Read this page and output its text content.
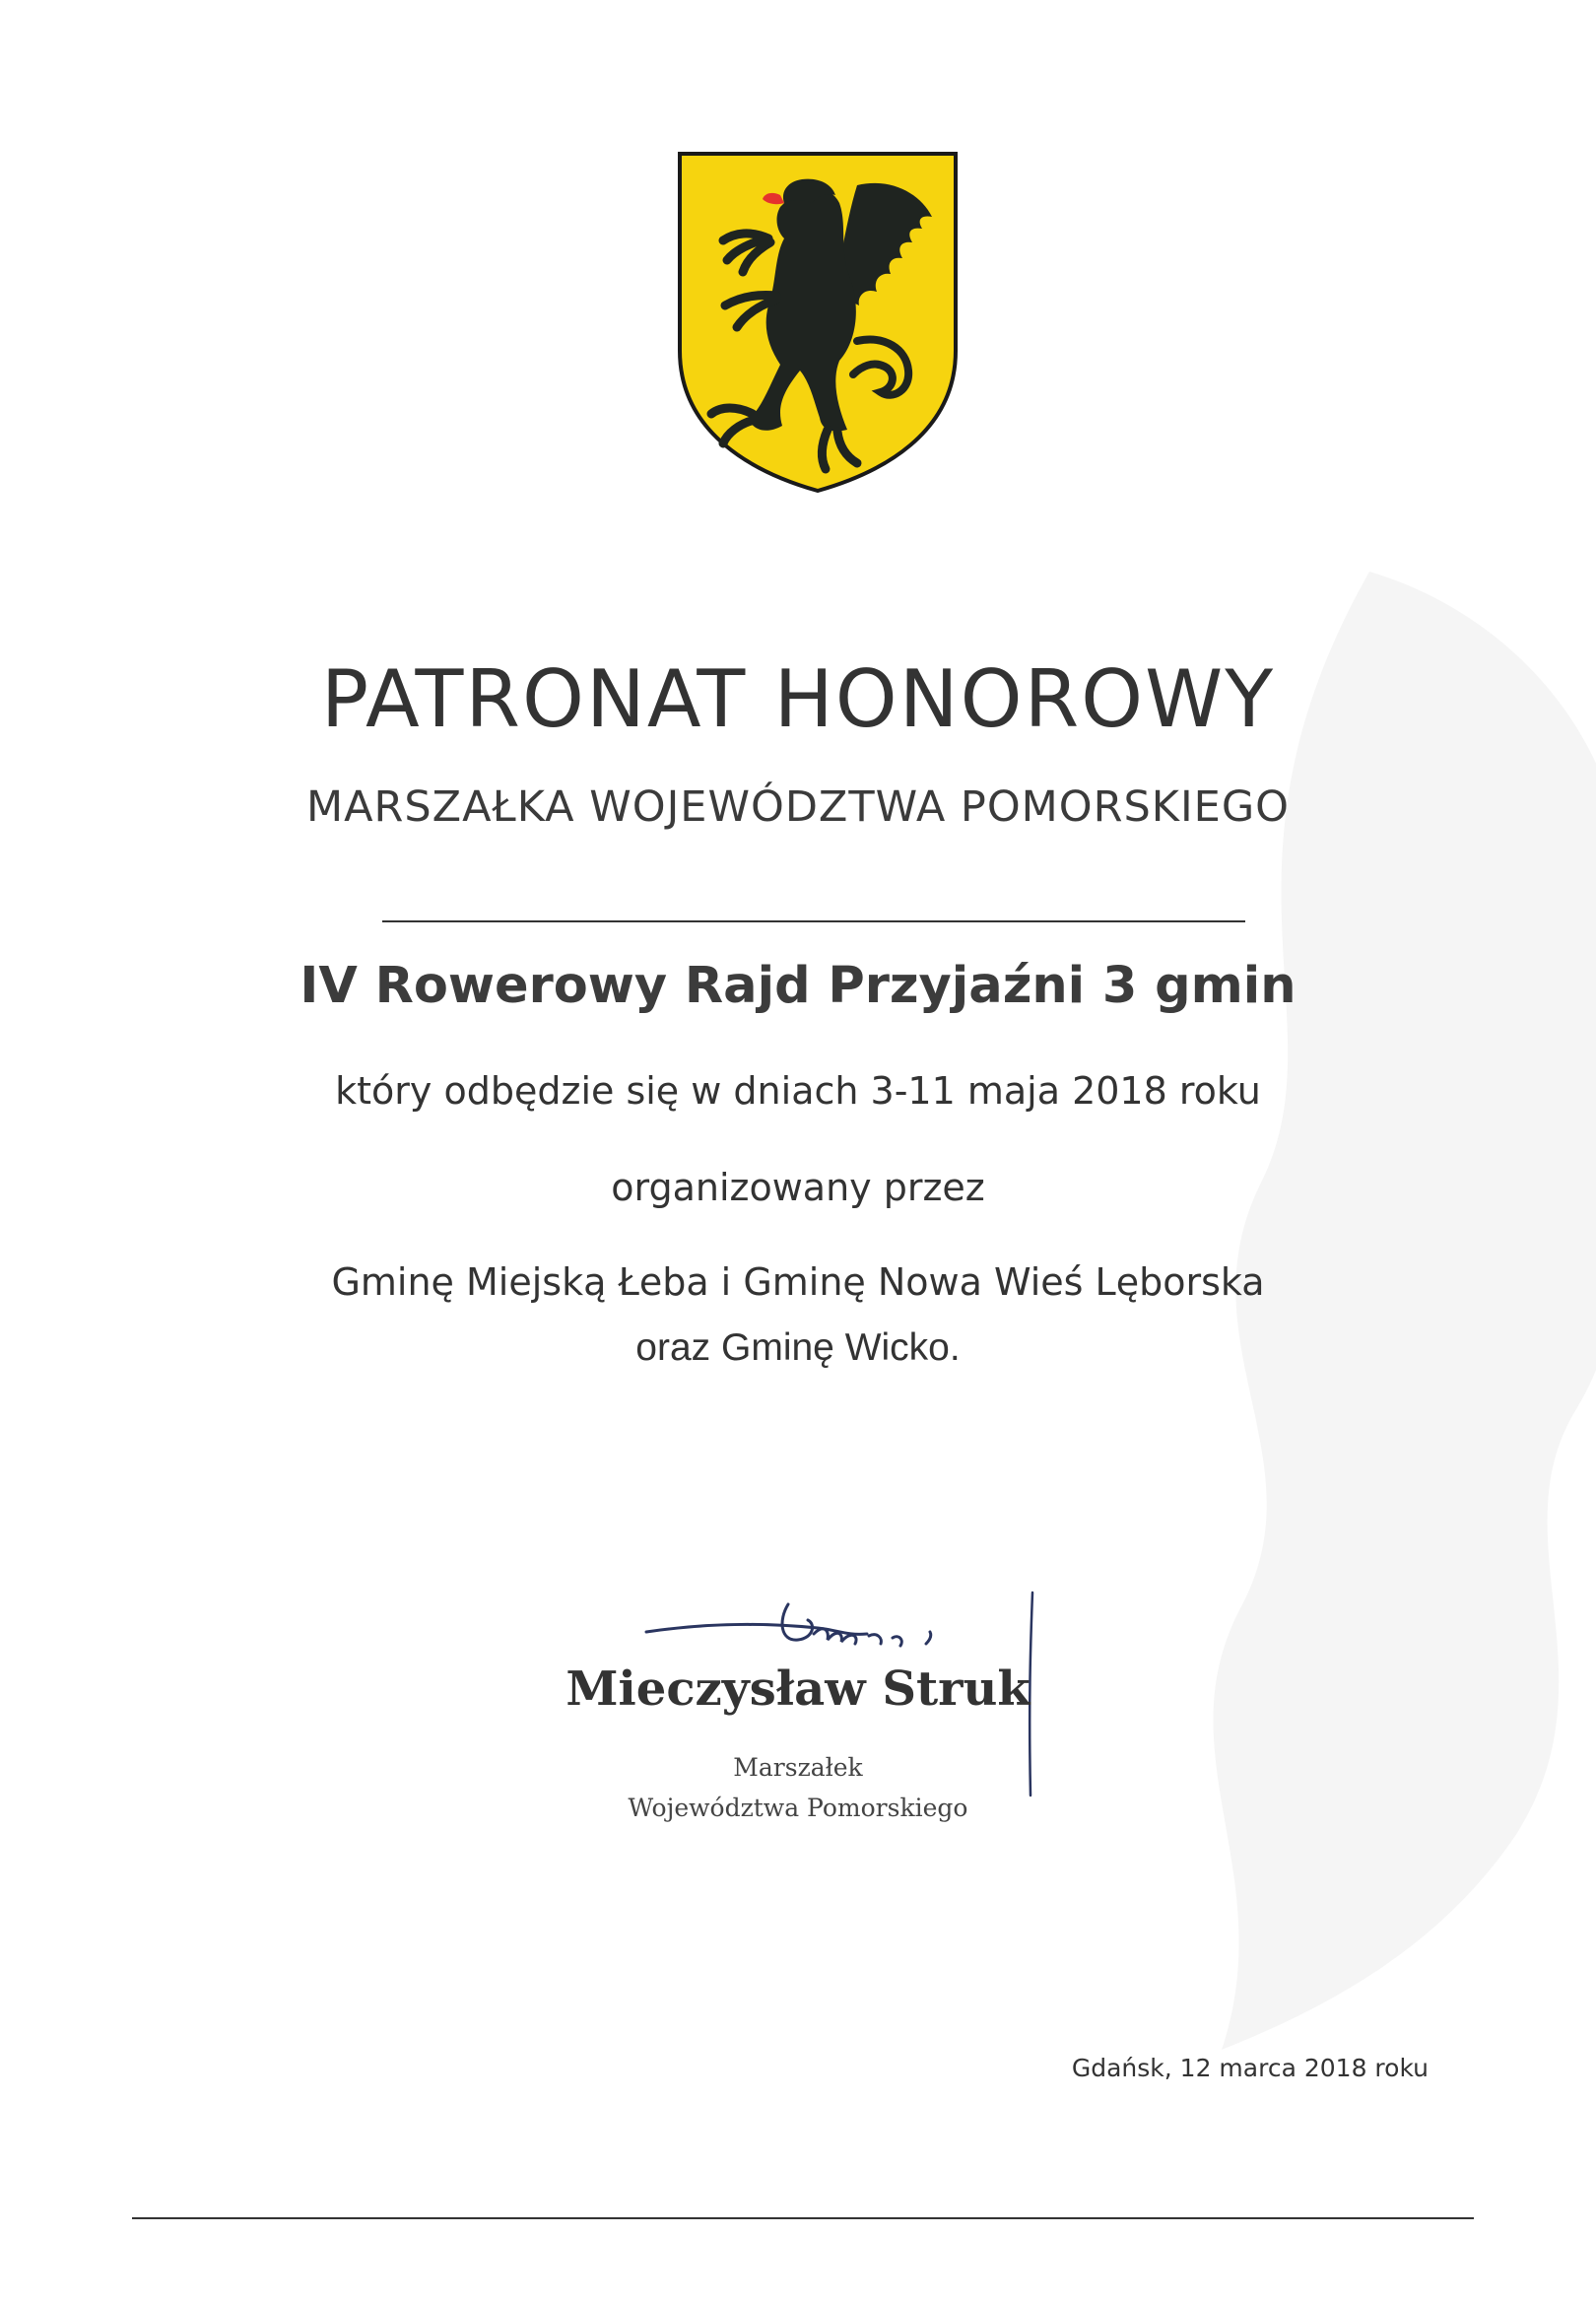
PATRONAT HONOROWY

MARSZAŁKA WOJEWÓDZTWA POMORSKIEGO

IV Rowerowy Rajd Przyjaźni 3 gmin

który odbędzie się w dniach 3-11 maja 2018 roku

organizowany przez

Gminę Miejską Łeba i Gminę Nowa Wieś Lęborska

oraz Gminę Wicko.

Mieczysław Struk

Marszałek

Województwa Pomorskiego

Gdańsk, 12 marca 2018 roku
